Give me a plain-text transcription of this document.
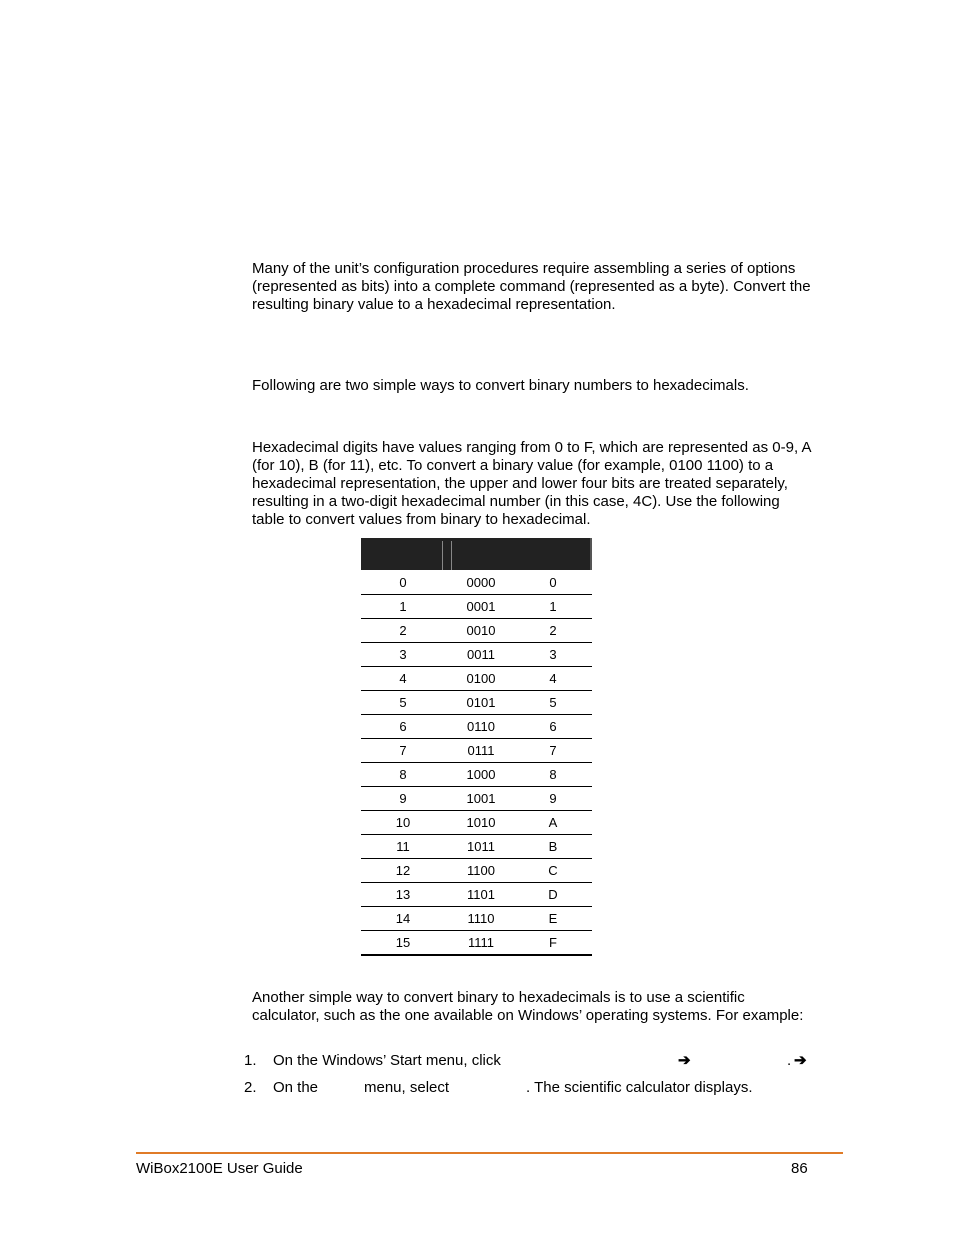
Many of the unit’s configuration procedures require assembling a series of options (represented as bits) into a complete command (represented as a byte). Convert the resulting binary value to a hexadecimal representation.

Following are two simple ways to convert binary numbers to hexadecimals.

Hexadecimal digits have values ranging from 0 to F, which are represented as 0-9, A (for 10), B (for 11), etc. To convert a binary value (for example, 0100 1100) to a hexadecimal representation, the upper and lower four bits are treated separately, resulting in a two-digit hexadecimal number (in this case, 4C). Use the following table to convert values from binary to hexadecimal.

0	0000	0
1	0001	1
2	0010	2
3	0011	3
4	0100	4
5	0101	5
6	0110	6
7	0111	7
8	1000	8
9	1001	9
10	1010	A
11	1011	B
12	1100	C
13	1101	D
14	1110	E
15	1111	F

Another simple way to convert binary to hexadecimals is to use a scientific calculator, such as the one available on Windows’ operating systems. For example:

1. On the Windows’ Start menu, click	➔	➔
.
2. On the	menu, select	. The scientific calculator displays.
WiBox2100E User Guide	86
